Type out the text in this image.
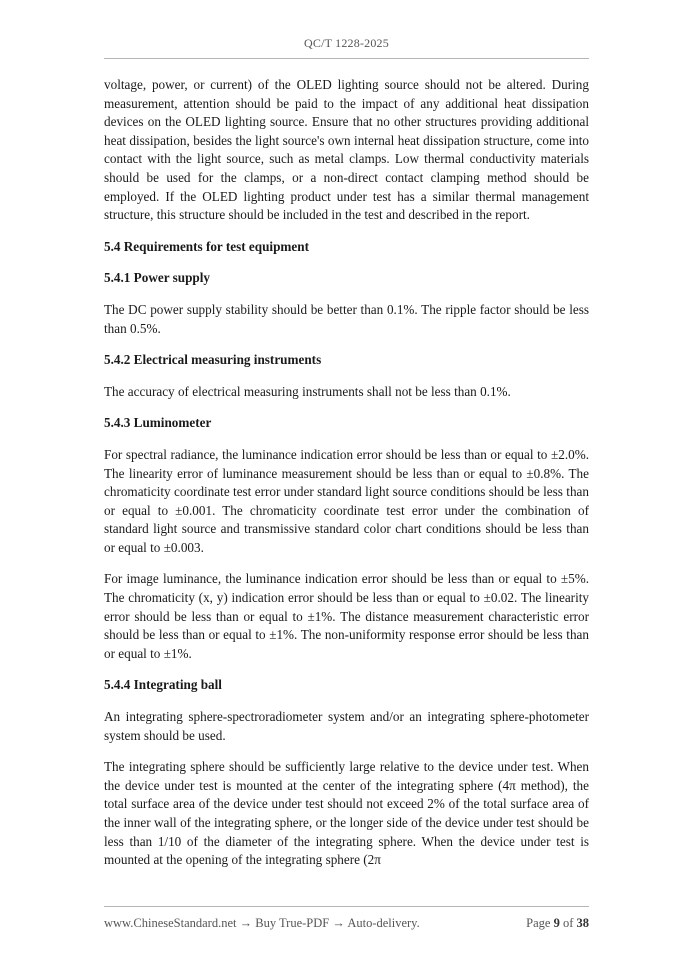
QC/T 1228-2025

voltage, power, or current) of the OLED lighting source should not be altered. During measurement, attention should be paid to the impact of any additional heat dissipation devices on the OLED lighting source. Ensure that no other structures providing additional heat dissipation, besides the light source's own internal heat dissipation structure, come into contact with the light source, such as metal clamps. Low thermal conductivity materials should be used for the clamps, or a non-direct contact clamping method should be employed. If the OLED lighting product under test has a similar thermal management structure, this structure should be included in the test and described in the report.

5.4 Requirements for test equipment
5.4.1 Power supply

The DC power supply stability should be better than 0.1%. The ripple factor should be less than 0.5%.

5.4.2 Electrical measuring instruments

The accuracy of electrical measuring instruments shall not be less than 0.1%.

5.4.3 Luminometer

For spectral radiance, the luminance indication error should be less than or equal to ±2.0%. The linearity error of luminance measurement should be less than or equal to ±0.8%. The chromaticity coordinate test error under standard light source conditions should be less than or equal to ±0.001. The chromaticity coordinate test error under the combination of standard light source and transmissive standard color chart conditions should be less than or equal to ±0.003.

For image luminance, the luminance indication error should be less than or equal to ±5%. The chromaticity (x, y) indication error should be less than or equal to ±0.02. The linearity error should be less than or equal to ±1%. The distance measurement characteristic error should be less than or equal to ±1%. The non-uniformity response error should be less than or equal to ±1%.

5.4.4 Integrating ball

An integrating sphere-spectroradiometer system and/or an integrating sphere-photometer system should be used.

The integrating sphere should be sufficiently large relative to the device under test. When the device under test is mounted at the center of the integrating sphere (4π method), the total surface area of the device under test should not exceed 2% of the total surface area of the inner wall of the integrating sphere, or the longer side of the device under test should be less than 1/10 of the diameter of the integrating sphere. When the device under test is mounted at the opening of the integrating sphere (2π

www.ChineseStandard.net → Buy True-PDF → Auto-delivery.	Page 9 of 38
